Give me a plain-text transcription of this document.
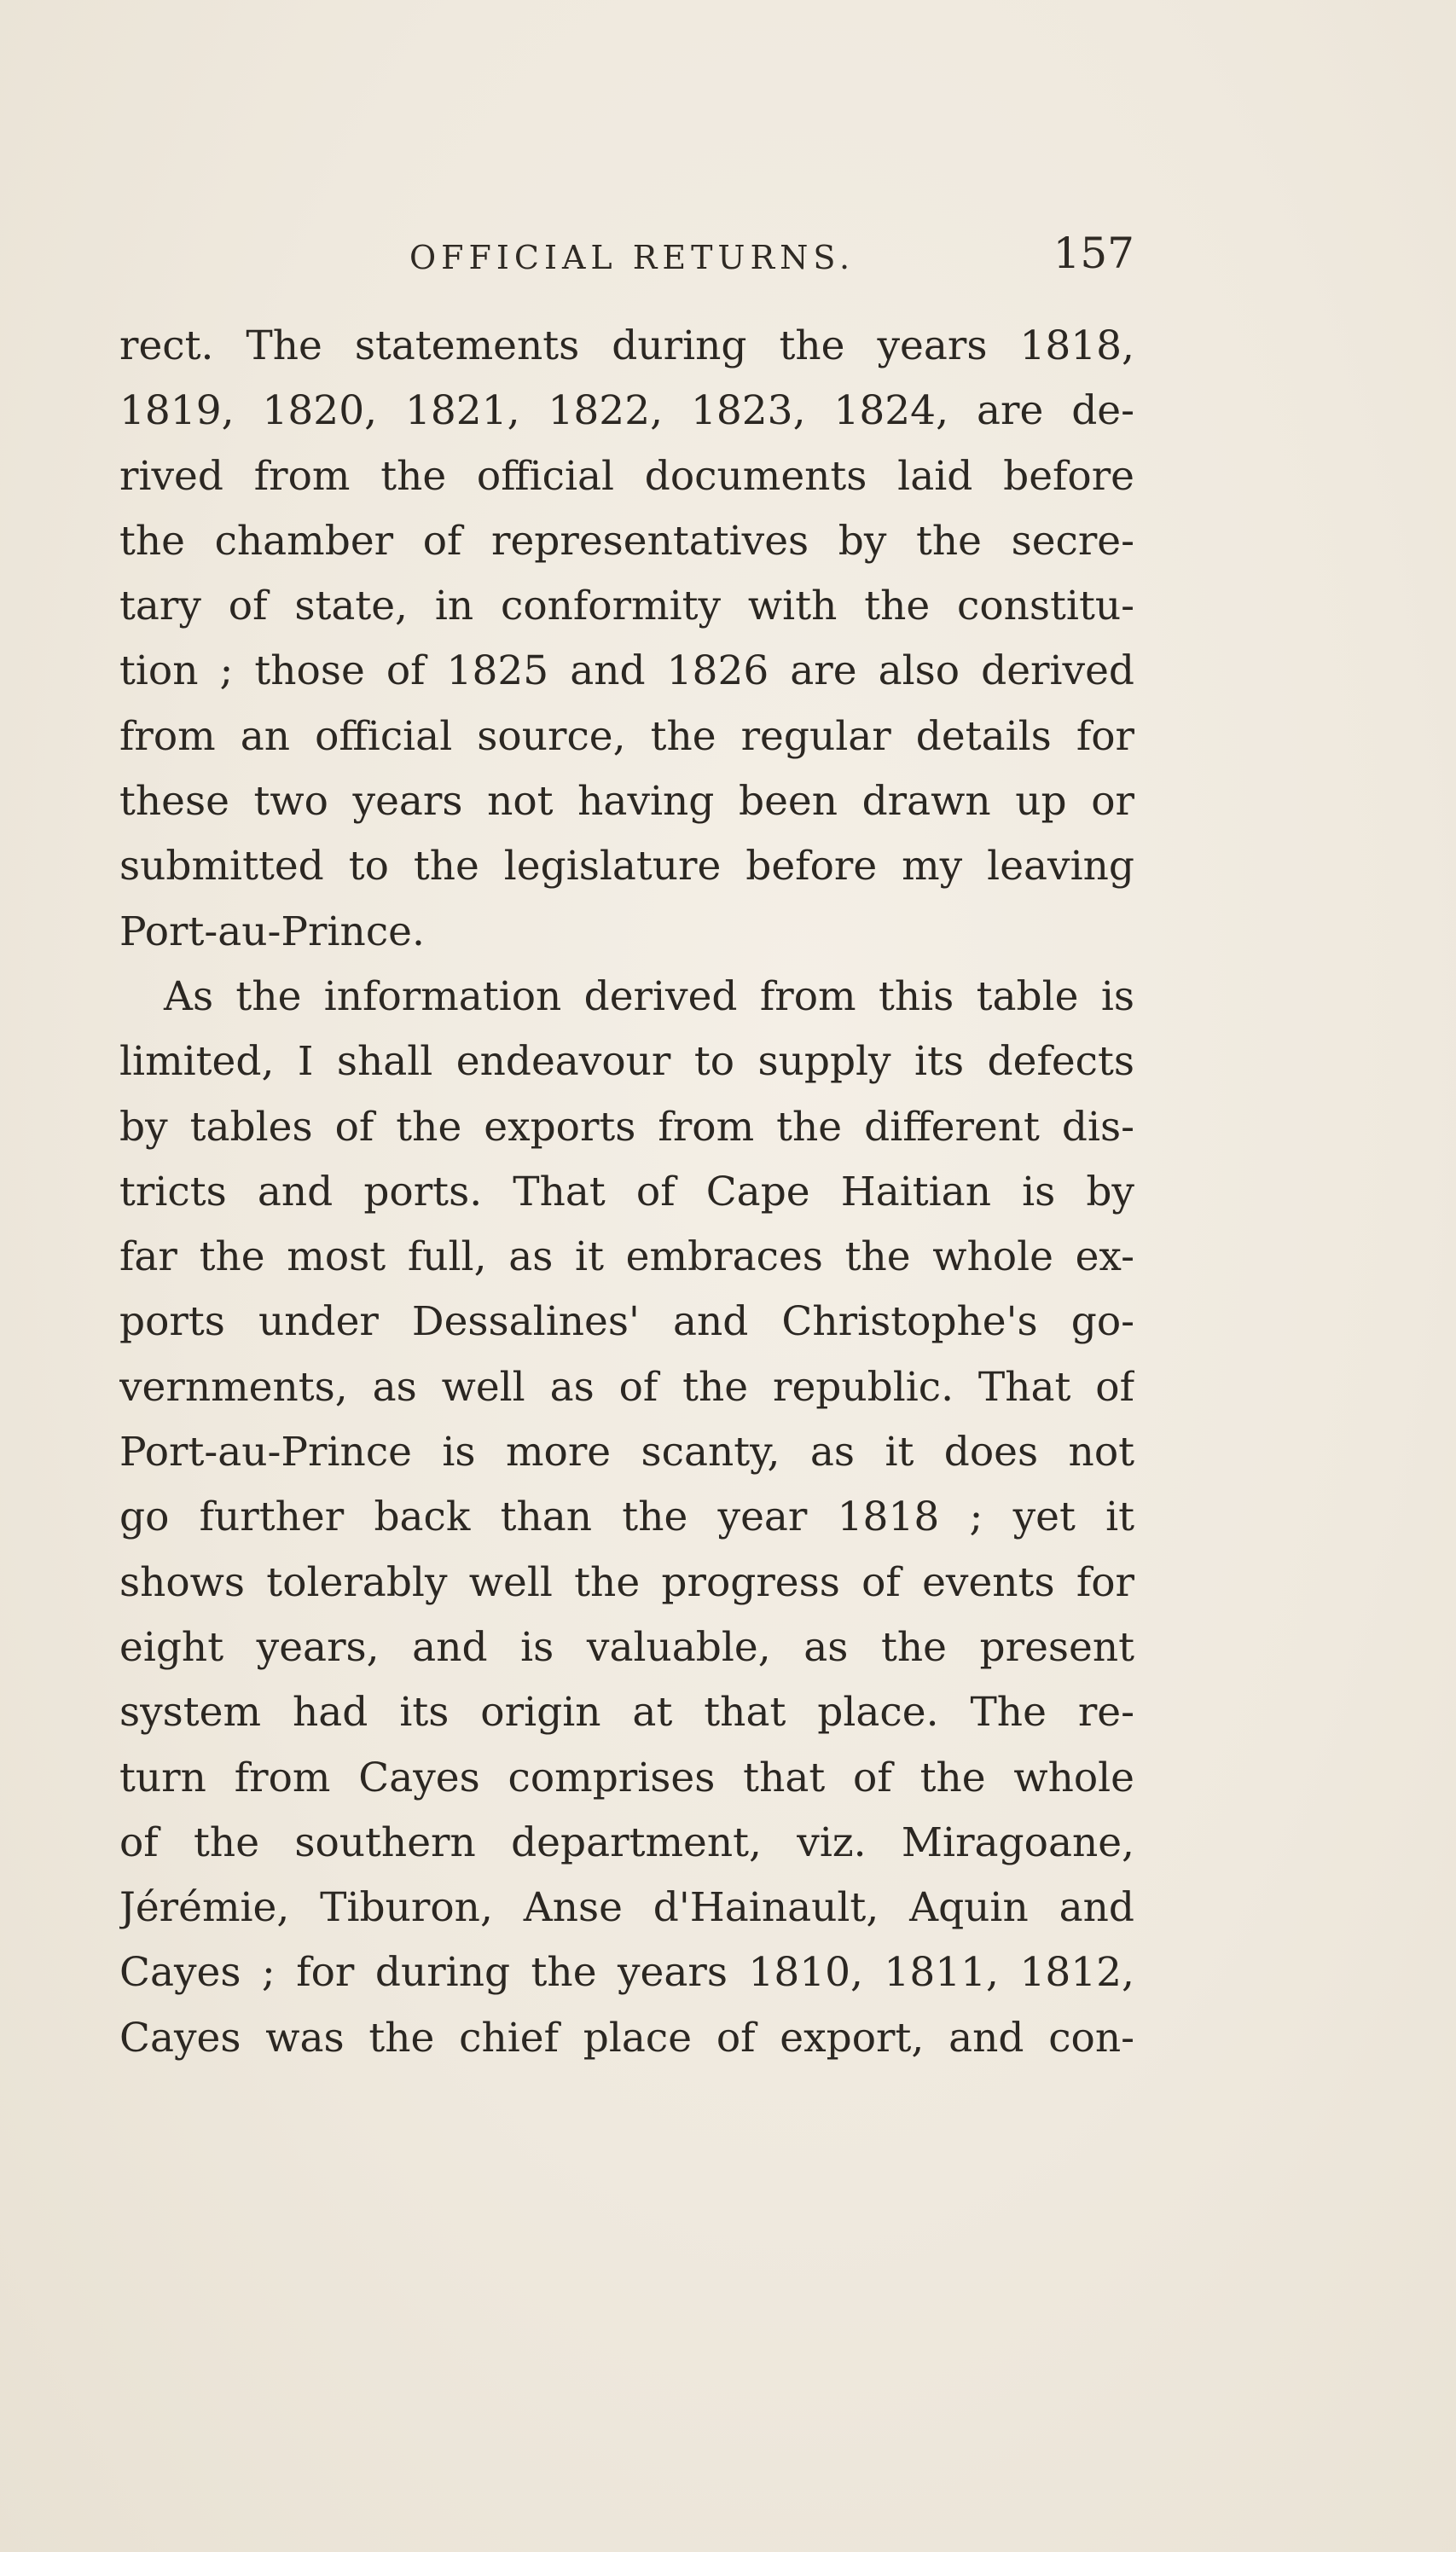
OFFICIAL RETURNS.	157
rect. The statements during the years 1818,
1819, 1820, 1821, 1822, 1823, 1824, are de-
rived from the official documents laid before
the chamber of representatives by the secre-
tary of state, in conformity with the constitu-
tion ; those of 1825 and 1826 are also derived
from an official source, the regular details for
these two years not having been drawn up or
submitted to the legislature before my leaving
Port-au-Prince.
As the information derived from this table is
limited, I shall endeavour to supply its defects
by tables of the exports from the different dis-
tricts and ports. That of Cape Haitian is by
far the most full, as it embraces the whole ex-
ports under Dessalines' and Christophe's go-
vernments, as well as of the republic. That of
Port-au-Prince is more scanty, as it does not
go further back than the year 1818 ; yet it
shows tolerably well the progress of events for
eight years, and is valuable, as the present
system had its origin at that place. The re-
turn from Cayes comprises that of the whole
of the southern department, viz. Miragoane,
Jérémie, Tiburon, Anse d'Hainault, Aquin and
Cayes ; for during the years 1810, 1811, 1812,
Cayes was the chief place of export, and con-
